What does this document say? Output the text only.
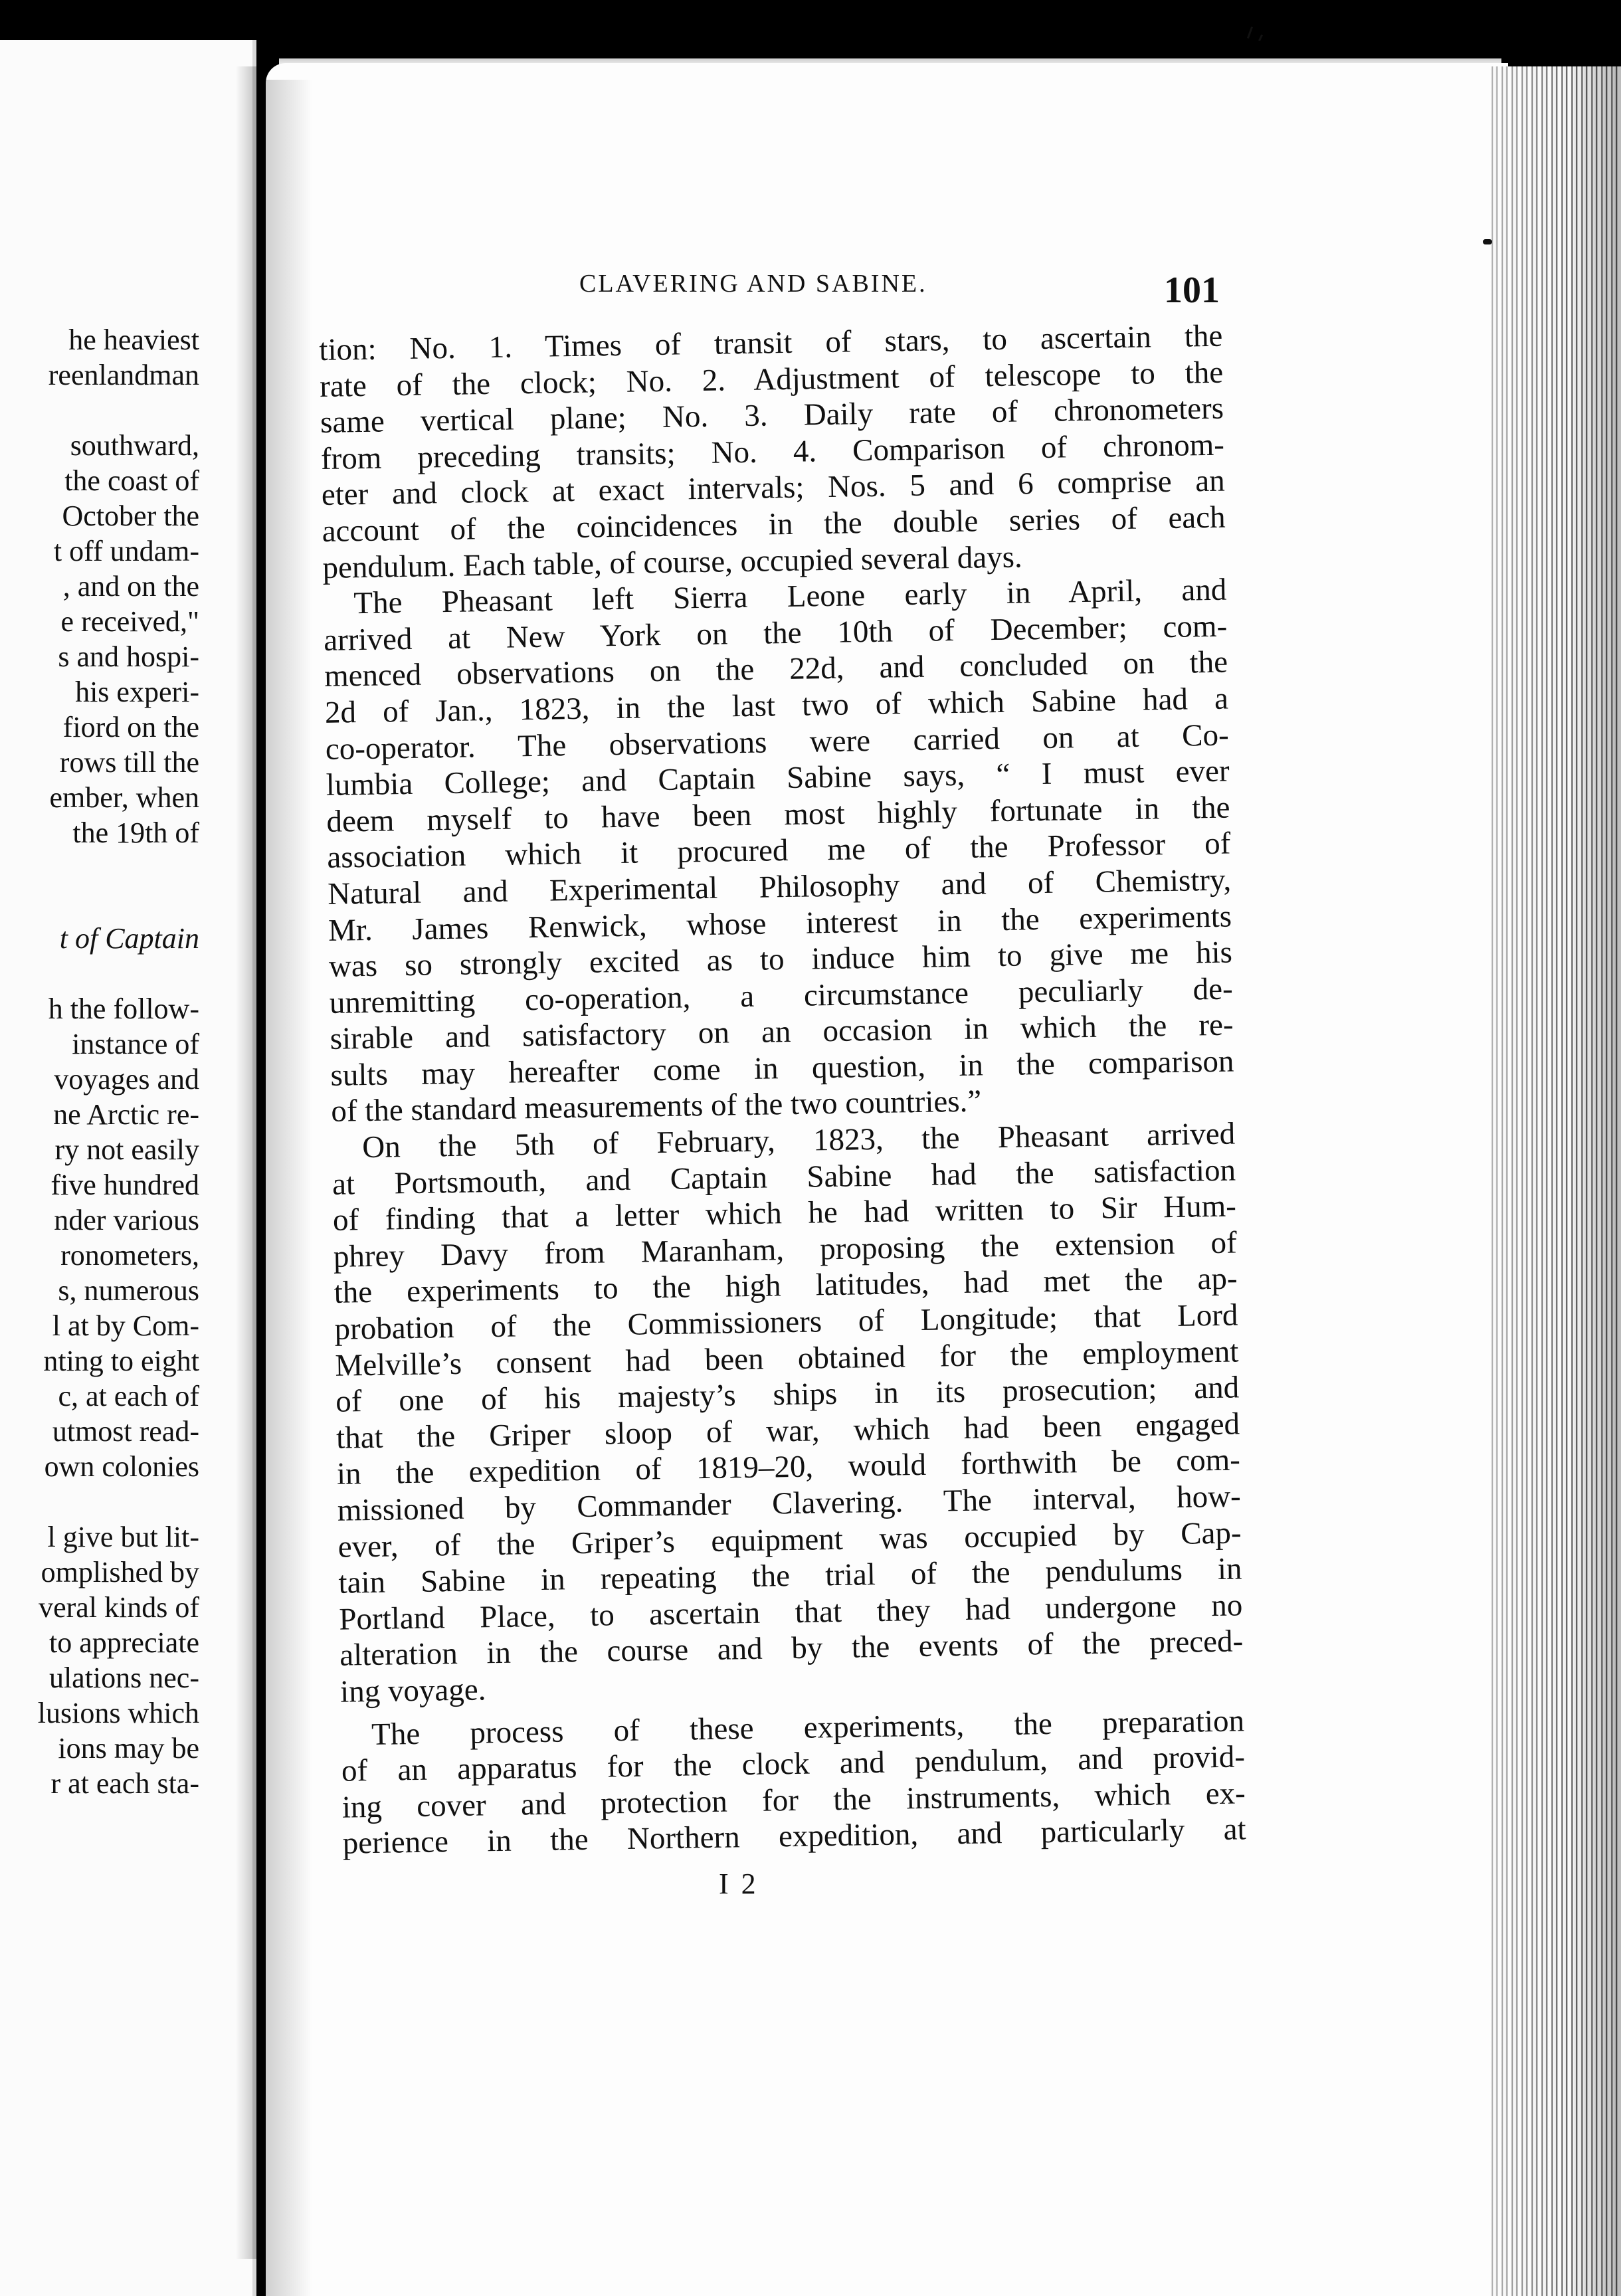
he heaviest
reenlandman
southward,
the coast of
October the
t off undam-
, and on the
e received,"
s and hospi-
his experi-
fiord on the
rows till the
ember, when
the 19th of
t of Captain
h the follow-
instance of
voyages and
ne Arctic re-
ry not easily
five hundred
nder various
ronometers,
s, numerous
l at by Com-
nting to eight
c, at each of
utmost read-
own colonies
l give but lit-
omplished by
veral kinds of
to appreciate
ulations nec-
lusions which
ions may be
r at each sta-
CLAVERING AND SABINE.	101
tion: No. 1. Times of transit of stars, to ascertain the
rate of the clock; No. 2. Adjustment of telescope to the
same vertical plane; No. 3. Daily rate of chronometers
from preceding transits; No. 4. Comparison of chronom-
eter and clock at exact intervals; Nos. 5 and 6 comprise an
account of the coincidences in the double series of each
pendulum. Each table, of course, occupied several days.
The Pheasant left Sierra Leone early in April, and
arrived at New York on the 10th of December; com-
menced observations on the 22d, and concluded on the
2d of Jan., 1823, in the last two of which Sabine had a
co-operator. The observations were carried on at Co-
lumbia College; and Captain Sabine says, “ I must ever
deem myself to have been most highly fortunate in the
association which it procured me of the Professor of
Natural and Experimental Philosophy and of Chemistry,
Mr. James Renwick, whose interest in the experiments
was so strongly excited as to induce him to give me his
unremitting co-operation, a circumstance peculiarly de-
sirable and satisfactory on an occasion in which the re-
sults may hereafter come in question, in the comparison
of the standard measurements of the two countries.”
On the 5th of February, 1823, the Pheasant arrived
at Portsmouth, and Captain Sabine had the satisfaction
of finding that a letter which he had written to Sir Hum-
phrey Davy from Maranham, proposing the extension of
the experiments to the high latitudes, had met the ap-
probation of the Commissioners of Longitude; that Lord
Melville’s consent had been obtained for the employment
of one of his majesty’s ships in its prosecution; and
that the Griper sloop of war, which had been engaged
in the expedition of 1819–20, would forthwith be com-
missioned by Commander Clavering. The interval, how-
ever, of the Griper’s equipment was occupied by Cap-
tain Sabine in repeating the trial of the pendulums in
Portland Place, to ascertain that they had undergone no
alteration in the course and by the events of the preced-
ing voyage.
The process of these experiments, the preparation
of an apparatus for the clock and pendulum, and provid-
ing cover and protection for the instruments, which ex-
perience in the Northern expedition, and particularly at
I 2
